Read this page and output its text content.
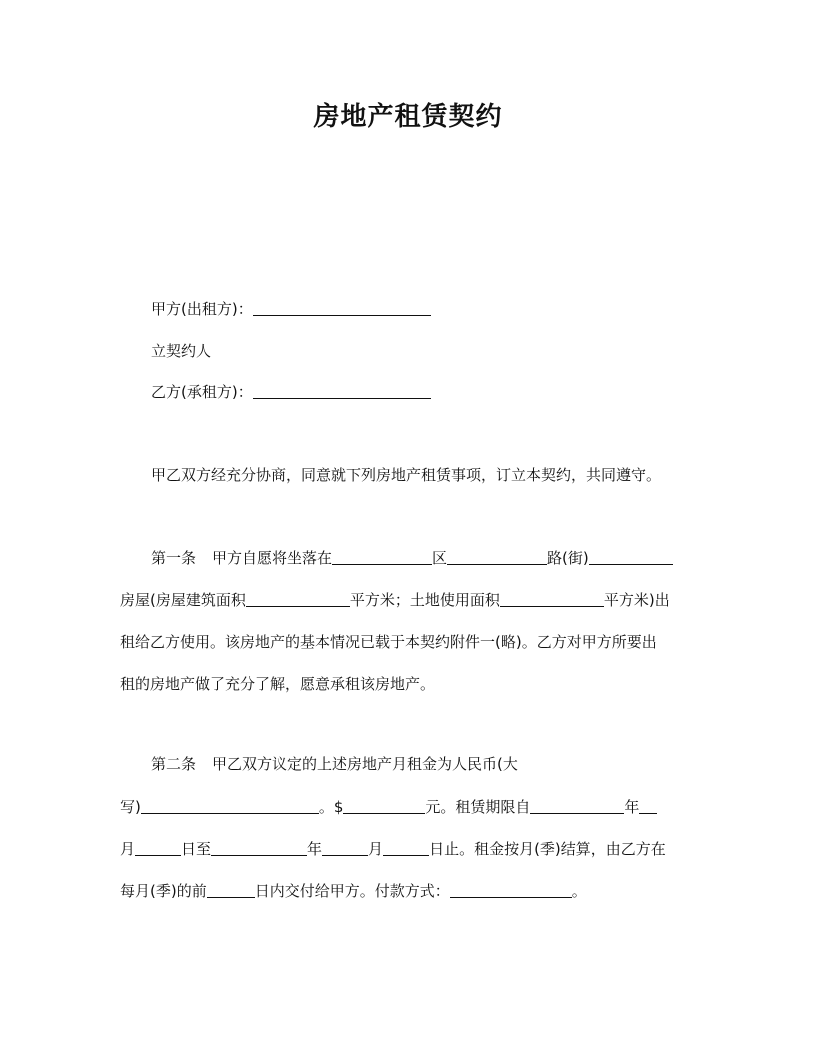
房地产租赁契约
甲方(出租方)：
立契约人
乙方(承租方)：
甲乙双方经充分协商，同意就下列房地产租赁事项，订立本契约，共同遵守。
第一条 甲方自愿将坐落在	区	路(街)
房屋(房屋建筑面积	平方米；土地使用面积	平方米)出
租给乙方使用。该房地产的基本情况已载于本契约附件一(略)。乙方对甲方所要出
租的房地产做了充分了解，愿意承租该房地产。
第二条 甲乙双方议定的上述房地产月租金为人民币(大
写)	。$	元。租赁期限自	年
月	日至	年	月	日止。租金按月(季)结算，由乙方在
每月(季)的前	日内交付给甲方。付款方式：	。
